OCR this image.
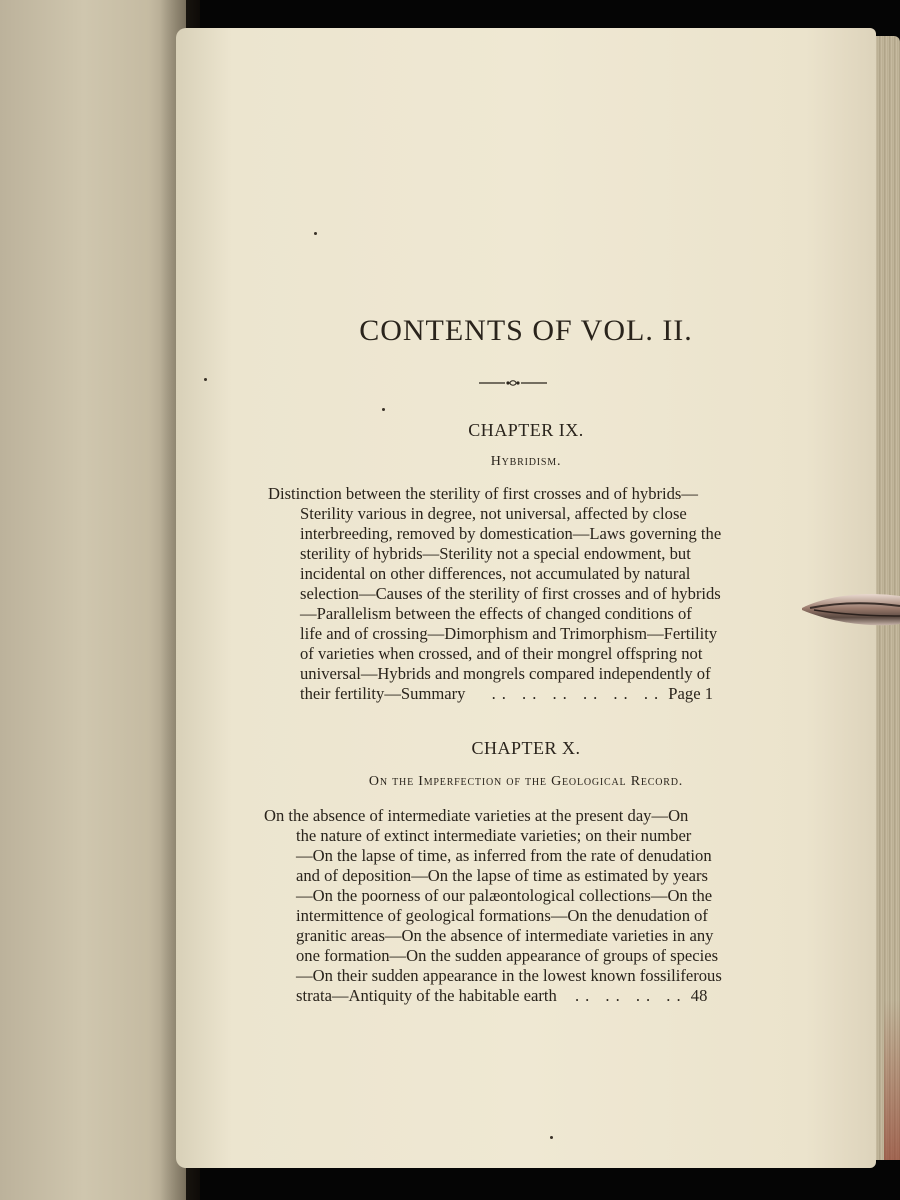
CONTENTS OF VOL. II.
CHAPTER IX.
Hybridism.
Distinction between the sterility of first crosses and of hybrids—
Sterility various in degree, not universal, affected by close
interbreeding, removed by domestication—Laws governing the
sterility of hybrids—Sterility not a special endowment, but
incidental on other differences, not accumulated by natural
selection—Causes of the sterility of first crosses and of hybrids
—Parallelism between the effects of changed conditions of
life and of crossing—Dimorphism and Trimorphism—Fertility
of varieties when crossed, and of their mongrel offspring not
universal—Hybrids and mongrels compared independently of
their fertility—Summary .. .. .. .. .. .. Page 1
CHAPTER X.
On the Imperfection of the Geological Record.
On the absence of intermediate varieties at the present day—On
the nature of extinct intermediate varieties; on their number
—On the lapse of time, as inferred from the rate of denudation
and of deposition—On the lapse of time as estimated by years
—On the poorness of our palæontological collections—On the
intermittence of geological formations—On the denudation of
granitic areas—On the absence of intermediate varieties in any
one formation—On the sudden appearance of groups of species
—On their sudden appearance in the lowest known fossiliferous
strata—Antiquity of the habitable earth .. .. .. .. 48
